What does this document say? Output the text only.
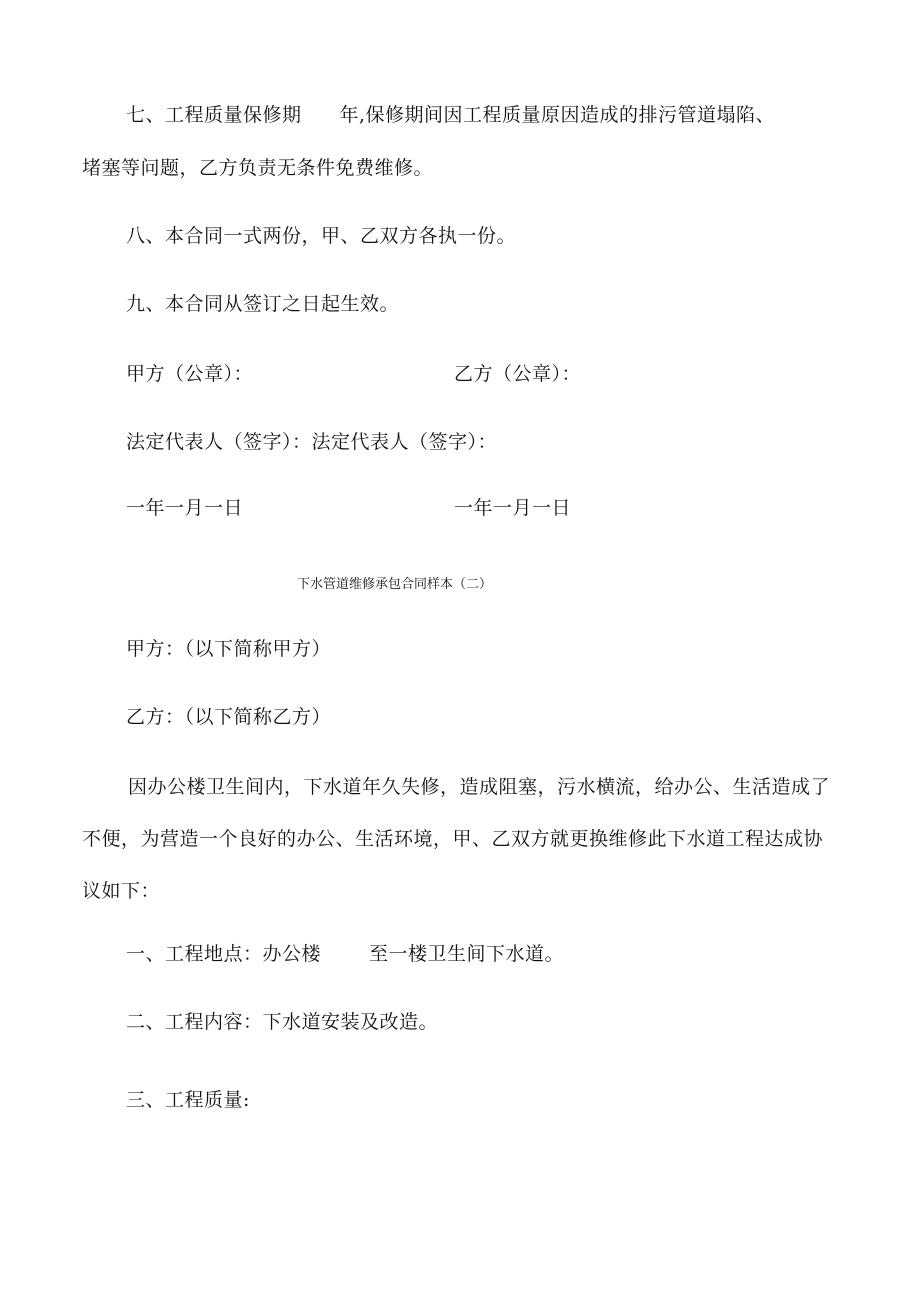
七、工程质量保修期 年,保修期间因工程质量原因造成的排污管道塌陷、
堵塞等问题，乙方负责无条件免费维修。
八、本合同一式两份，甲、乙双方各执一份。
九、本合同从签订之日起生效。
甲方（公章）：	乙方（公章）：
法定代表人（签字）：法定代表人（签字）：
一年一月一日	一年一月一日
下水管道维修承包合同样本（二）
甲方：（以下简称甲方）
乙方：（以下简称乙方）
因办公楼卫生间内，下水道年久失修，造成阻塞，污水横流，给办公、生活造成了
不便，为营造一个良好的办公、生活环境，甲、乙双方就更换维修此下水道工程达成协
议如下：
一、工程地点：办公楼	至一楼卫生间下水道。
二、工程内容：下水道安装及改造。
三、工程质量:
